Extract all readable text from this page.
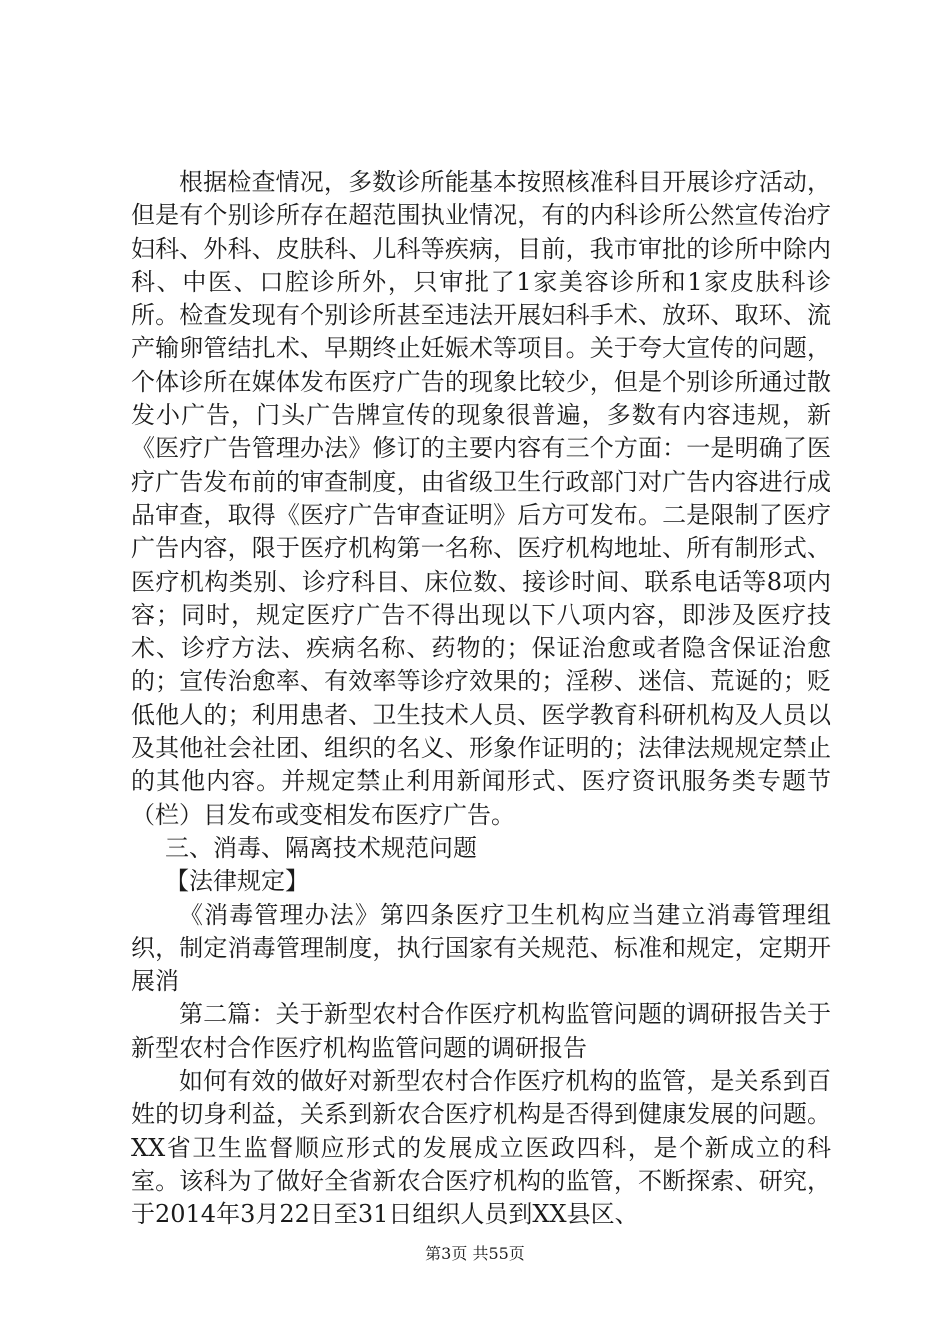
根据检查情况，多数诊所能基本按照核准科目开展诊疗活动，但是有个别诊所存在超范围执业情况，有的内科诊所公然宣传治疗妇科、外科、皮肤科、儿科等疾病，目前，我市审批的诊所中除内科、中医、口腔诊所外，只审批了1家美容诊所和1家皮肤科诊所。检查发现有个别诊所甚至违法开展妇科手术、放环、取环、流产输卵管结扎术、早期终止妊娠术等项目。关于夸大宣传的问题，个体诊所在媒体发布医疗广告的现象比较少，但是个别诊所通过散发小广告，门头广告牌宣传的现象很普遍，多数有内容违规，新《医疗广告管理办法》修订的主要内容有三个方面：一是明确了医疗广告发布前的审查制度，由省级卫生行政部门对广告内容进行成品审查，取得《医疗广告审查证明》后方可发布。二是限制了医疗广告内容，限于医疗机构第一名称、医疗机构地址、所有制形式、医疗机构类别、诊疗科目、床位数、接诊时间、联系电话等8项内容；同时，规定医疗广告不得出现以下八项内容，即涉及医疗技术、诊疗方法、疾病名称、药物的；保证治愈或者隐含保证治愈的；宣传治愈率、有效率等诊疗效果的；淫秽、迷信、荒诞的；贬低他人的；利用患者、卫生技术人员、医学教育科研机构及人员以及其他社会社团、组织的名义、形象作证明的；法律法规规定禁止的其他内容。并规定禁止利用新闻形式、医疗资讯服务类专题节（栏）目发布或变相发布医疗广告。

三、消毒、隔离技术规范问题

【法律规定】

《消毒管理办法》第四条医疗卫生机构应当建立消毒管理组织，制定消毒管理制度，执行国家有关规范、标准和规定，定期开展消

第二篇：关于新型农村合作医疗机构监管问题的调研报告关于新型农村合作医疗机构监管问题的调研报告

如何有效的做好对新型农村合作医疗机构的监管，是关系到百姓的切身利益，关系到新农合医疗机构是否得到健康发展的问题。XX省卫生监督顺应形式的发展成立医政四科，是个新成立的科室。该科为了做好全省新农合医疗机构的监管，不断探索、研究，于2014年3月22日至31日组织人员到XX县区、

第3页 共55页
